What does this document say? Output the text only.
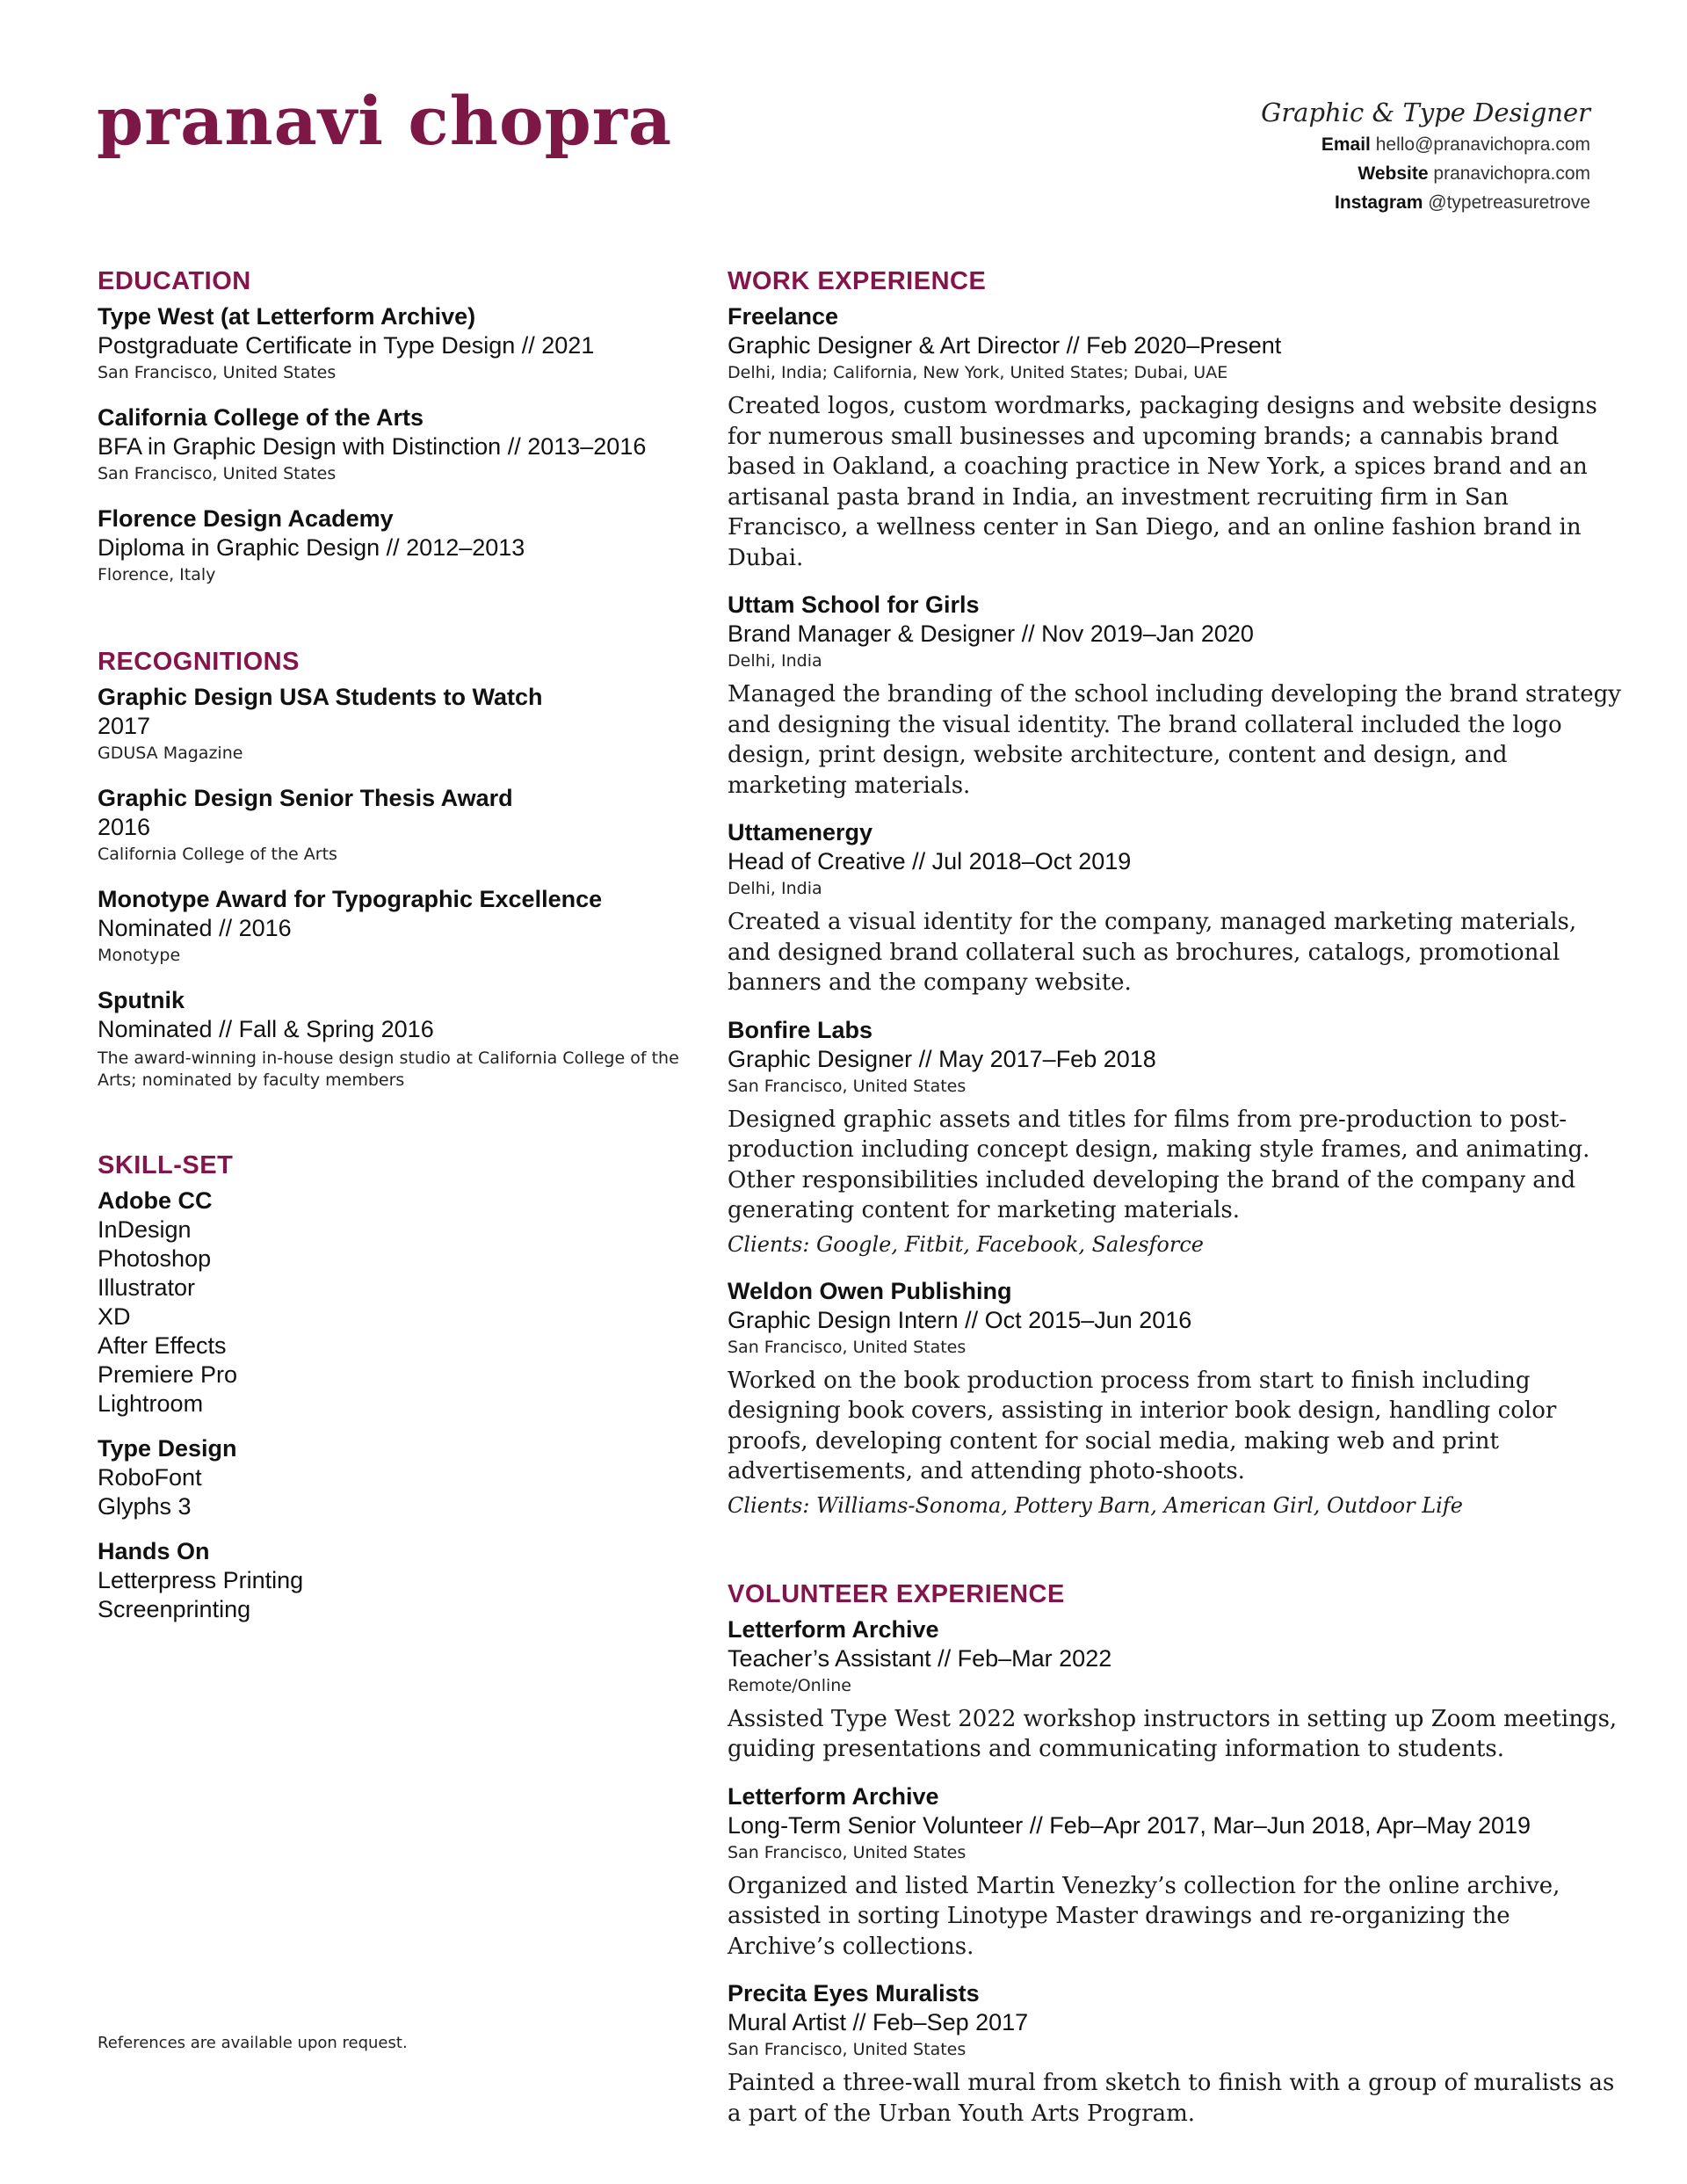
pranavi chopra	Graphic & Type Designer
Email hello@pranavichopra.com
Website pranavichopra.com
Instagram @typetreasuretrove
EDUCATION
Type West (at Letterform Archive)
Postgraduate Certificate in Type Design // 2021
San Francisco, United States
California College of the Arts
BFA in Graphic Design with Distinction // 2013–2016
San Francisco, United States
Florence Design Academy
Diploma in Graphic Design // 2012–2013
Florence, Italy
RECOGNITIONS
Graphic Design USA Students to Watch
2017
GDUSA Magazine
Graphic Design Senior Thesis Award
2016
California College of the Arts
Monotype Award for Typographic Excellence
Nominated // 2016
Monotype
Sputnik
Nominated // Fall & Spring 2016
The award-winning in-house design studio at California College of the Arts; nominated by faculty members
SKILL-SET
Adobe CC
InDesign
Photoshop
Illustrator
XD
After Effects
Premiere Pro
Lightroom
Type Design
RoboFont
Glyphs 3
Hands On
Letterpress Printing
Screenprinting
WORK EXPERIENCE
Freelance
Graphic Designer & Art Director // Feb 2020–Present
Delhi, India; California, New York, United States; Dubai, UAE
Created logos, custom wordmarks, packaging designs and website designs for numerous small businesses and upcoming brands; a cannabis brand based in Oakland, a coaching practice in New York, a spices brand and an artisanal pasta brand in India, an investment recruiting firm in San Francisco, a wellness center in San Diego, and an online fashion brand in Dubai.
Uttam School for Girls
Brand Manager & Designer // Nov 2019–Jan 2020
Delhi, India
Managed the branding of the school including developing the brand strategy and designing the visual identity. The brand collateral included the logo design, print design, website architecture, content and design, and marketing materials.
Uttamenergy
Head of Creative // Jul 2018–Oct 2019
Delhi, India
Created a visual identity for the company, managed marketing materials, and designed brand collateral such as brochures, catalogs, promotional banners and the company website.
Bonfire Labs
Graphic Designer // May 2017–Feb 2018
San Francisco, United States
Designed graphic assets and titles for films from pre-production to post-production including concept design, making style frames, and animating. Other responsibilities included developing the brand of the company and generating content for marketing materials.
Clients: Google, Fitbit, Facebook, Salesforce
Weldon Owen Publishing
Graphic Design Intern // Oct 2015–Jun 2016
San Francisco, United States
Worked on the book production process from start to finish including designing book covers, assisting in interior book design, handling color proofs, developing content for social media, making web and print advertisements, and attending photo-shoots.
Clients: Williams-Sonoma, Pottery Barn, American Girl, Outdoor Life
VOLUNTEER EXPERIENCE
Letterform Archive
Teacher’s Assistant // Feb–Mar 2022
Remote/Online
Assisted Type West 2022 workshop instructors in setting up Zoom meetings, guiding presentations and communicating information to students.
Letterform Archive
Long-Term Senior Volunteer // Feb–Apr 2017, Mar–Jun 2018, Apr–May 2019
San Francisco, United States
Organized and listed Martin Venezky’s collection for the online archive, assisted in sorting Linotype Master drawings and re-organizing the Archive’s collections.
Precita Eyes Muralists
Mural Artist // Feb–Sep 2017
San Francisco, United States
Painted a three-wall mural from sketch to finish with a group of muralists as a part of the Urban Youth Arts Program.
References are available upon request.
